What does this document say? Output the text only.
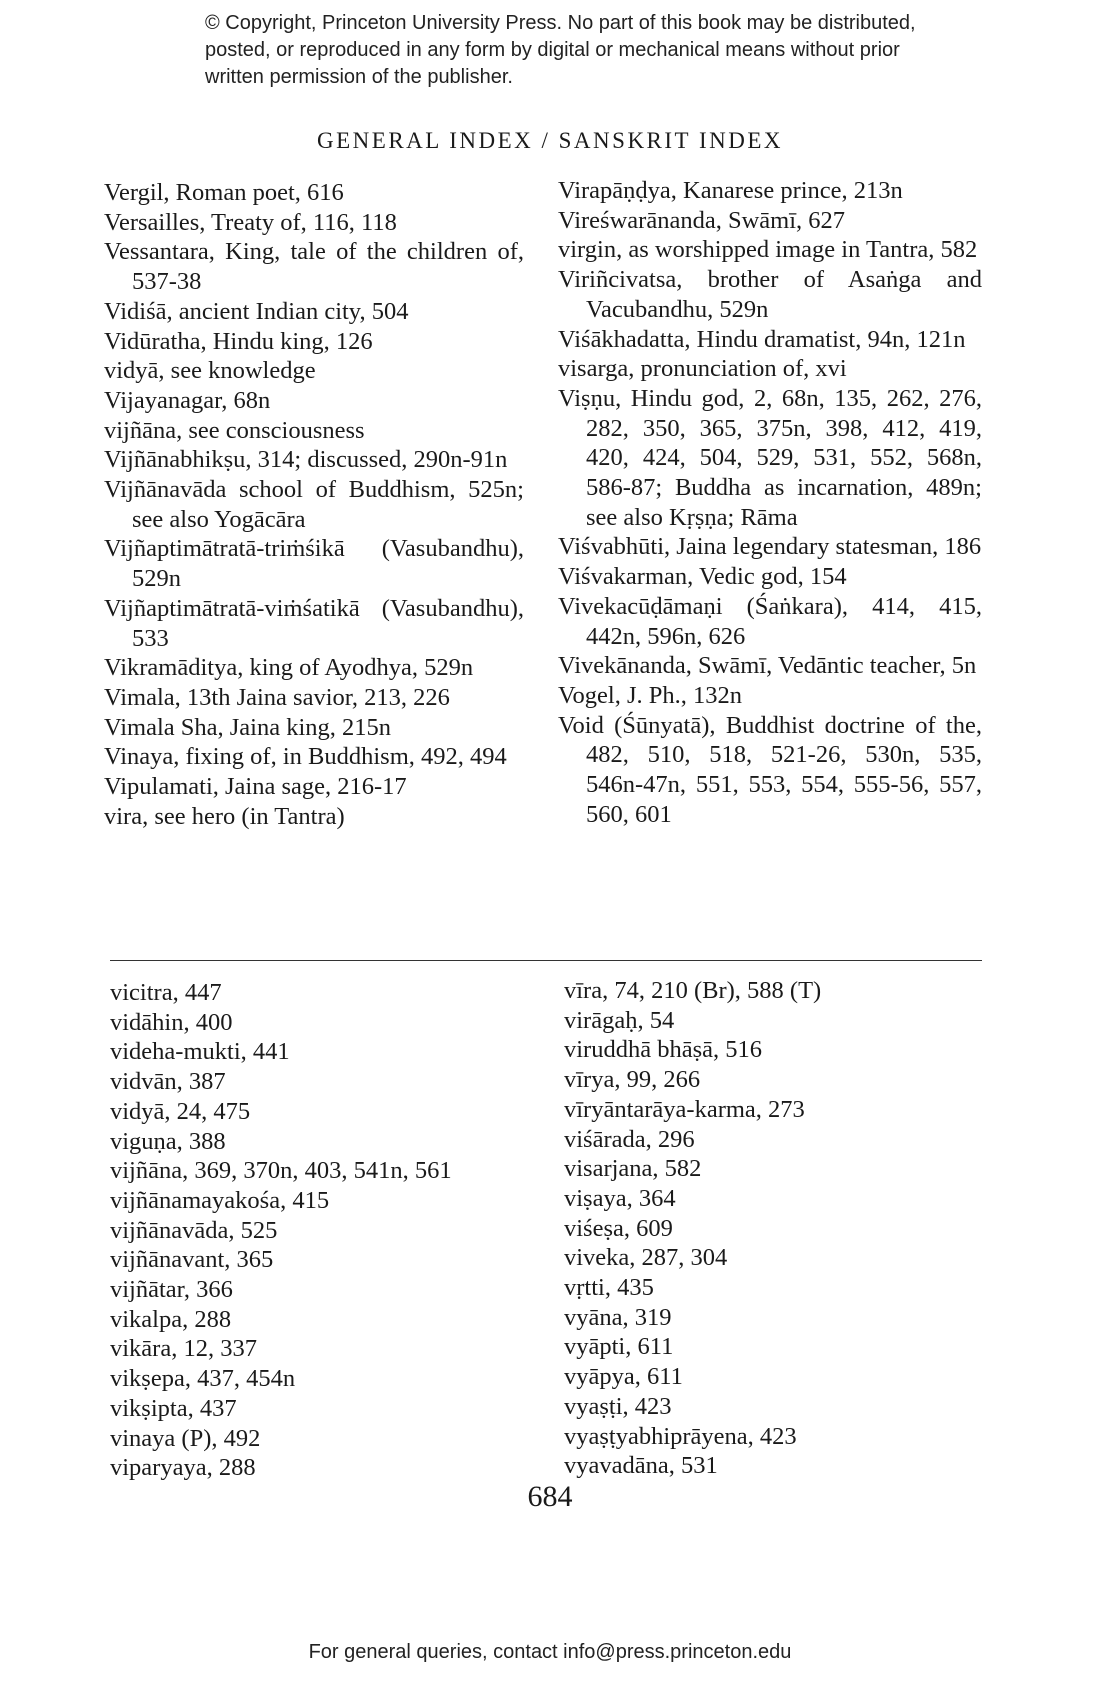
© Copyright, Princeton University Press. No part of this book may be distributed, posted, or reproduced in any form by digital or mechanical means without prior written permission of the publisher.
GENERAL INDEX / SANSKRIT INDEX
Vergil, Roman poet, 616
Versailles, Treaty of, 116, 118
Vessantara, King, tale of the children of, 537-38
Vidiśā, ancient Indian city, 504
Vidūratha, Hindu king, 126
vidyā, see knowledge
Vijayanagar, 68n
vijñāna, see consciousness
Vijñānabhikṣu, 314; discussed, 290n-91n
Vijñānavāda school of Buddhism, 525n; see also Yogācāra
Vijñaptimātratā-triṁśikā (Vasubandhu), 529n
Vijñaptimātratā-viṁśatikā (Vasubandhu), 533
Vikramāditya, king of Ayodhya, 529n
Vimala, 13th Jaina savior, 213, 226
Vimala Sha, Jaina king, 215n
Vinaya, fixing of, in Buddhism, 492, 494
Vipulamati, Jaina sage, 216-17
vira, see hero (in Tantra)
Virapāṇḍya, Kanarese prince, 213n
Vireśwarānanda, Swāmī, 627
virgin, as worshipped image in Tantra, 582
Viriñcivatsa, brother of Asaṅga and Vacubandhu, 529n
Viśākhadatta, Hindu dramatist, 94n, 121n
visarga, pronunciation of, xvi
Viṣṇu, Hindu god, 2, 68n, 135, 262, 276, 282, 350, 365, 375n, 398, 412, 419, 420, 424, 504, 529, 531, 552, 568n, 586-87; Buddha as incarnation, 489n; see also Kṛṣṇa; Rāma
Viśvabhūti, Jaina legendary statesman, 186
Viśvakarman, Vedic god, 154
Vivekacūḍāmaṇi (Śaṅkara), 414, 415, 442n, 596n, 626
Vivekānanda, Swāmī, Vedāntic teacher, 5n
Vogel, J. Ph., 132n
Void (Śūnyatā), Buddhist doctrine of the, 482, 510, 518, 521-26, 530n, 535, 546n-47n, 551, 553, 554, 555-56, 557, 560, 601
vicitra, 447
vidāhin, 400
videha-mukti, 441
vidvān, 387
vidyā, 24, 475
viguṇa, 388
vijñāna, 369, 370n, 403, 541n, 561
vijñānamayakośa, 415
vijñānavāda, 525
vijñānavant, 365
vijñātar, 366
vikalpa, 288
vikāra, 12, 337
vikṣepa, 437, 454n
vikṣipta, 437
vinaya (P), 492
viparyaya, 288
vīra, 74, 210 (Br), 588 (T)
virāgaḥ, 54
viruddhā bhāṣā, 516
vīrya, 99, 266
vīryāntarāya-karma, 273
viśārada, 296
visarjana, 582
viṣaya, 364
viśeṣa, 609
viveka, 287, 304
vṛtti, 435
vyāna, 319
vyāpti, 611
vyāpya, 611
vyaṣṭi, 423
vyaṣṭyabhiprāyena, 423
vyavadāna, 531
684
For general queries, contact info@press.princeton.edu
